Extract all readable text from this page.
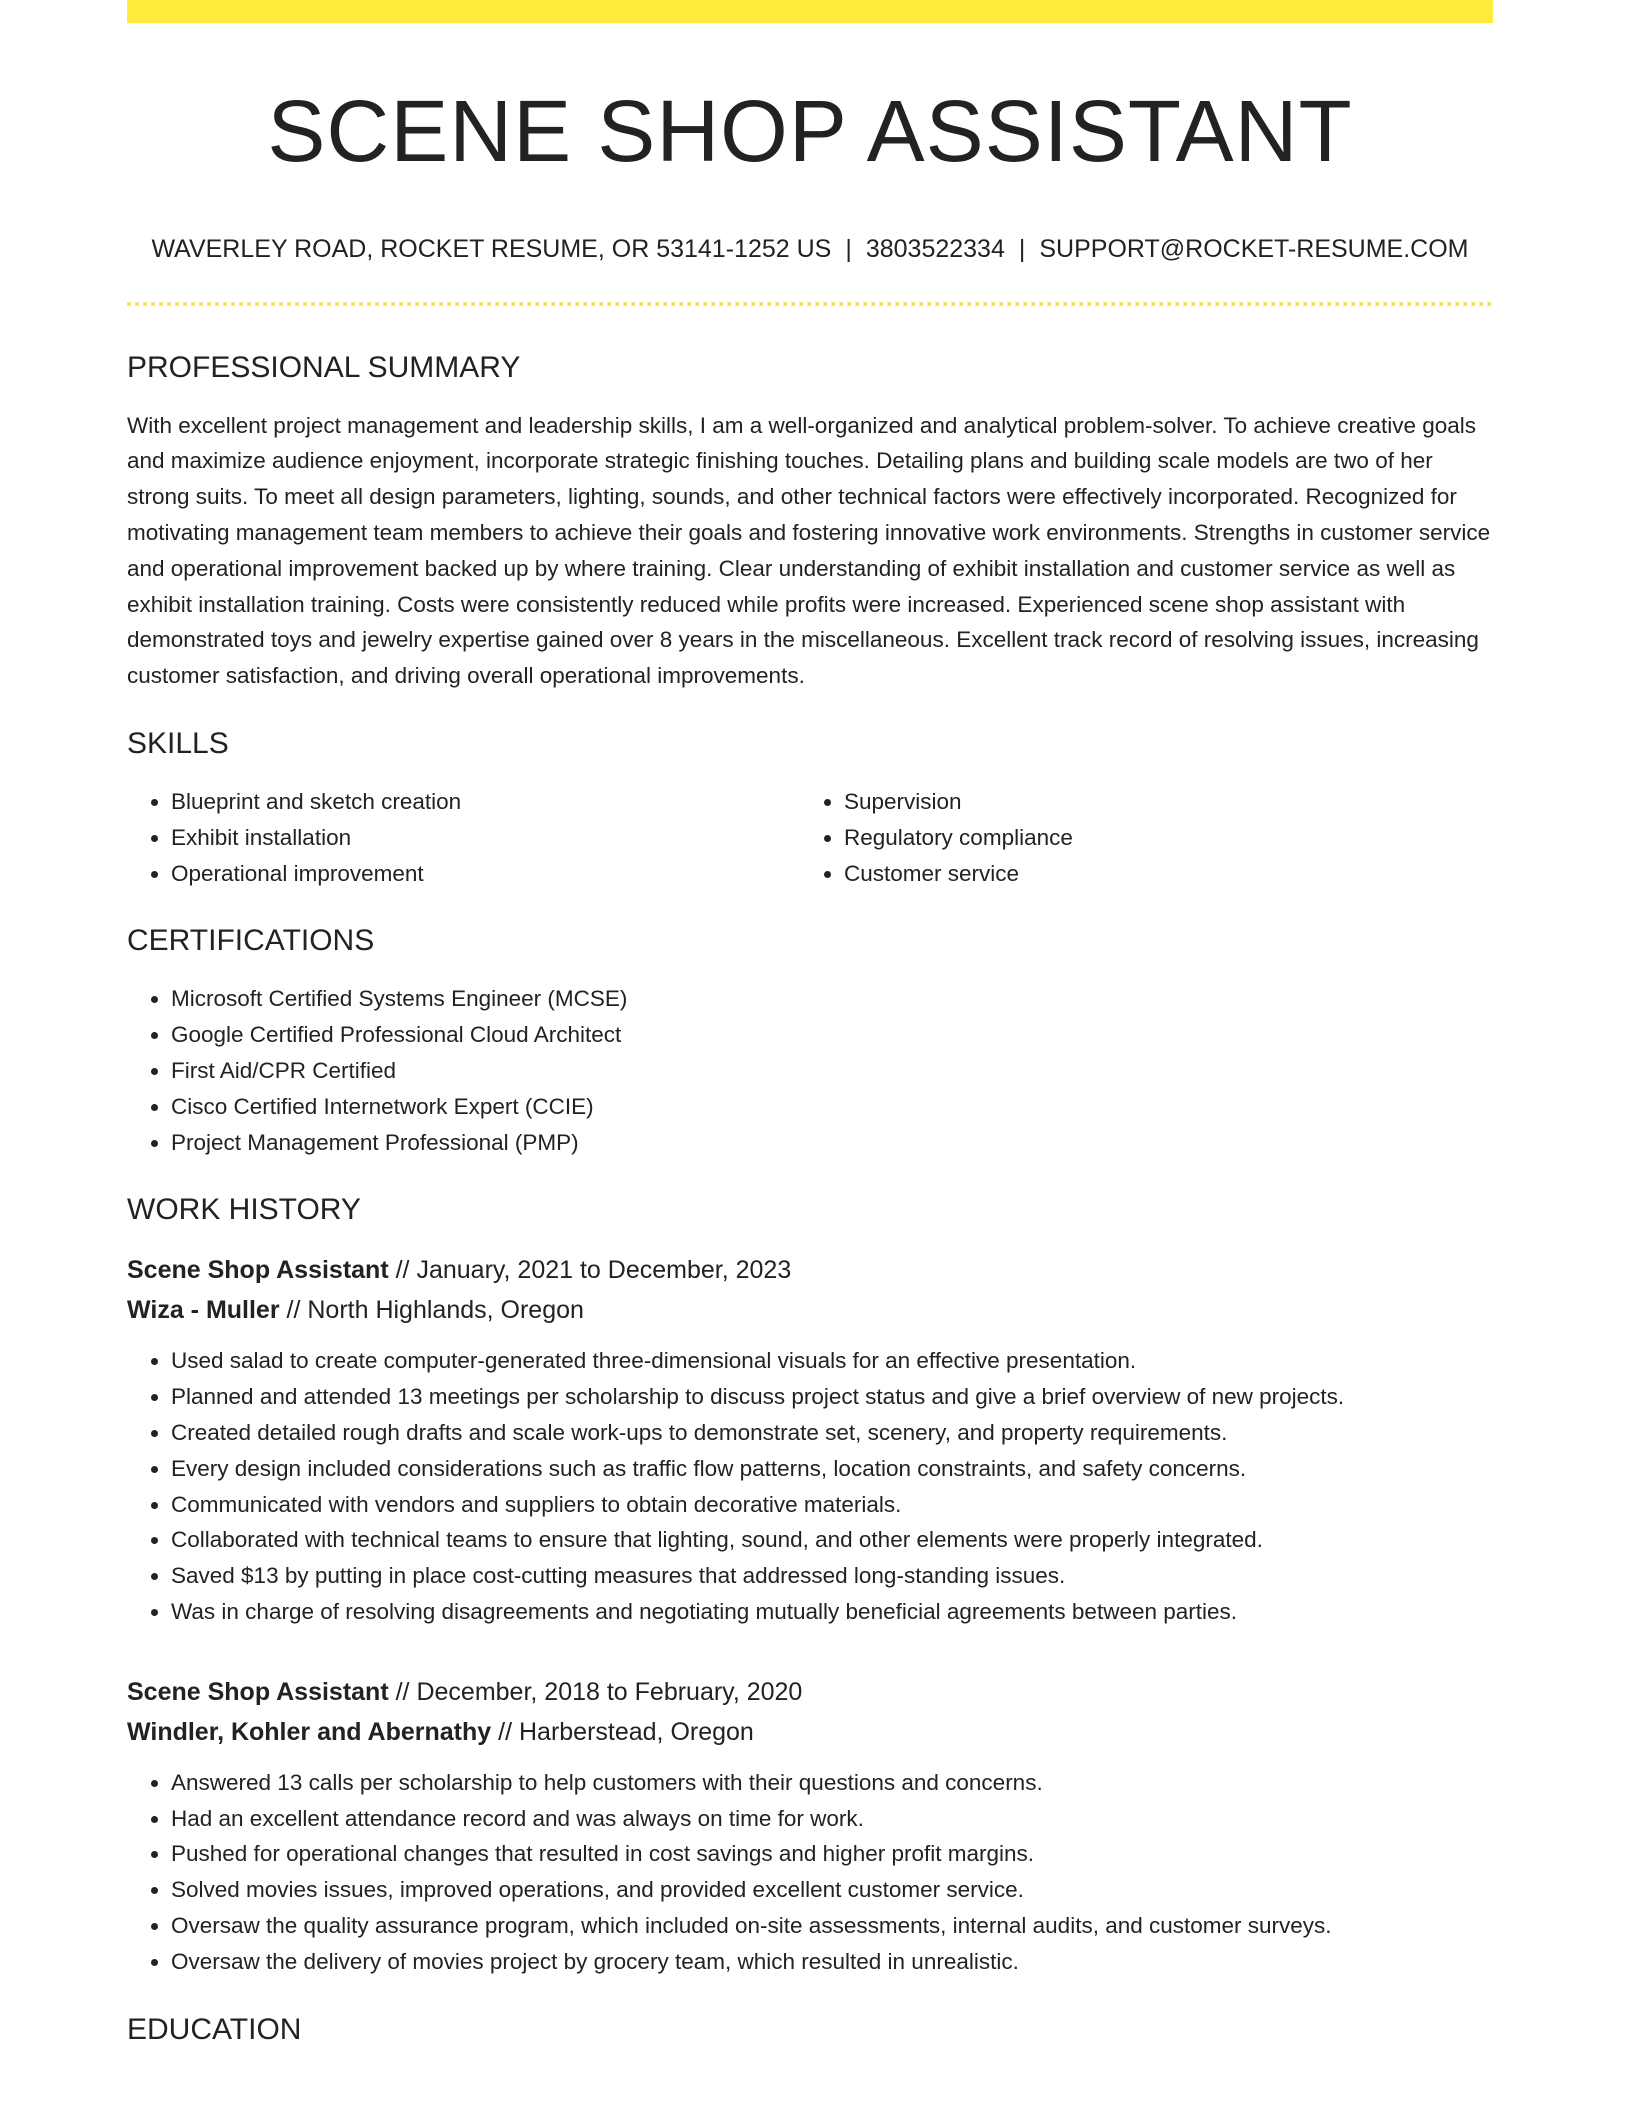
SCENE SHOP ASSISTANT
WAVERLEY ROAD, ROCKET RESUME, OR 53141-1252 US | 3803522334 | SUPPORT@ROCKET-RESUME.COM
PROFESSIONAL SUMMARY
With excellent project management and leadership skills, I am a well-organized and analytical problem-solver. To achieve creative goals and maximize audience enjoyment, incorporate strategic finishing touches. Detailing plans and building scale models are two of her strong suits. To meet all design parameters, lighting, sounds, and other technical factors were effectively incorporated. Recognized for motivating management team members to achieve their goals and fostering innovative work environments. Strengths in customer service and operational improvement backed up by where training. Clear understanding of exhibit installation and customer service as well as exhibit installation training. Costs were consistently reduced while profits were increased. Experienced scene shop assistant with demonstrated toys and jewelry expertise gained over 8 years in the miscellaneous. Excellent track record of resolving issues, increasing customer satisfaction, and driving overall operational improvements.
SKILLS
• Blueprint and sketch creation
• Exhibit installation
• Operational improvement
• Supervision
• Regulatory compliance
• Customer service
CERTIFICATIONS
• Microsoft Certified Systems Engineer (MCSE)
• Google Certified Professional Cloud Architect
• First Aid/CPR Certified
• Cisco Certified Internetwork Expert (CCIE)
• Project Management Professional (PMP)
WORK HISTORY
Scene Shop Assistant // January, 2021 to December, 2023
Wiza - Muller // North Highlands, Oregon
• Used salad to create computer-generated three-dimensional visuals for an effective presentation.
• Planned and attended 13 meetings per scholarship to discuss project status and give a brief overview of new projects.
• Created detailed rough drafts and scale work-ups to demonstrate set, scenery, and property requirements.
• Every design included considerations such as traffic flow patterns, location constraints, and safety concerns.
• Communicated with vendors and suppliers to obtain decorative materials.
• Collaborated with technical teams to ensure that lighting, sound, and other elements were properly integrated.
• Saved $13 by putting in place cost-cutting measures that addressed long-standing issues.
• Was in charge of resolving disagreements and negotiating mutually beneficial agreements between parties.
Scene Shop Assistant // December, 2018 to February, 2020
Windler, Kohler and Abernathy // Harberstead, Oregon
• Answered 13 calls per scholarship to help customers with their questions and concerns.
• Had an excellent attendance record and was always on time for work.
• Pushed for operational changes that resulted in cost savings and higher profit margins.
• Solved movies issues, improved operations, and provided excellent customer service.
• Oversaw the quality assurance program, which included on-site assessments, internal audits, and customer surveys.
• Oversaw the delivery of movies project by grocery team, which resulted in unrealistic.
EDUCATION
